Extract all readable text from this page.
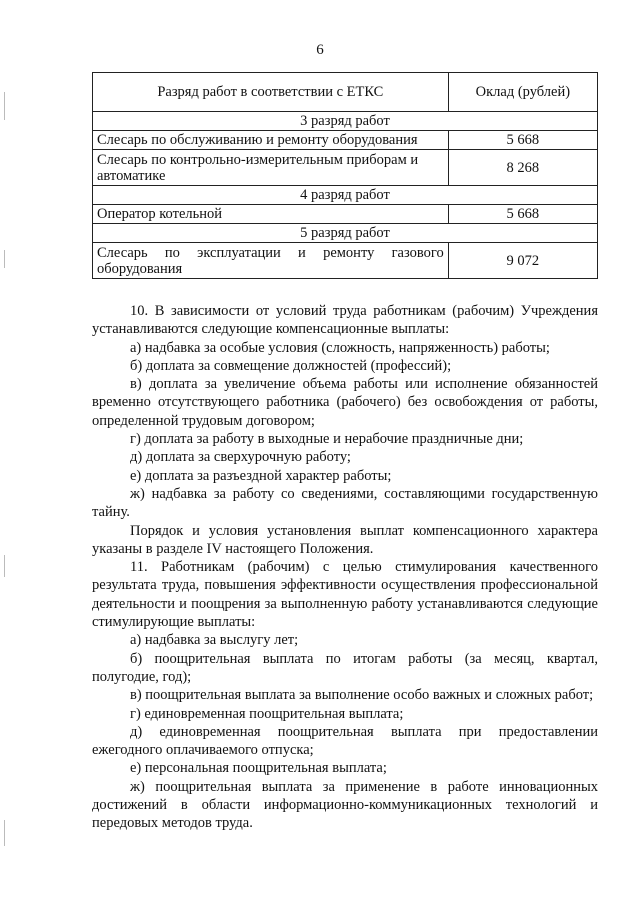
6
Разряд работ в соответствии с ЕТКС	Оклад (рублей)
3 разряд работ	
Слесарь по обслуживанию и ремонту оборудования	5 668
Слесарь по контрольно-измерительным приборам и автоматике	8 268
4 разряд работ	
Оператор котельной	5 668
5 разряд работ	
Слесарь по эксплуатации и ремонту газового оборудования	9 072

10. В зависимости от условий труда работникам (рабочим) Учреждения устанавливаются следующие компенсационные выплаты:

а) надбавка за особые условия (сложность, напряженность) работы;

б) доплата за совмещение должностей (профессий);

в) доплата за увеличение объема работы или исполнение обязанностей временно отсутствующего работника (рабочего) без освобождения от работы, определенной трудовым договором;

г) доплата за работу в выходные и нерабочие праздничные дни;

д) доплата за сверхурочную работу;

е) доплата за разъездной характер работы;

ж) надбавка за работу со сведениями, составляющими государственную тайну.

Порядок и условия установления выплат компенсационного характера указаны в разделе IV настоящего Положения.

11. Работникам (рабочим) с целью стимулирования качественного результата труда, повышения эффективности осуществления профессиональной деятельности и поощрения за выполненную работу устанавливаются следующие стимулирующие выплаты:

а) надбавка за выслугу лет;

б) поощрительная выплата по итогам работы (за месяц, квартал, полугодие, год);

в) поощрительная выплата за выполнение особо важных и сложных работ;

г) единовременная поощрительная выплата;

д) единовременная поощрительная выплата при предоставлении ежегодного оплачиваемого отпуска;

е) персональная поощрительная выплата;

ж) поощрительная выплата за применение в работе инновационных достижений в области информационно-коммуникационных технологий и передовых методов труда.
